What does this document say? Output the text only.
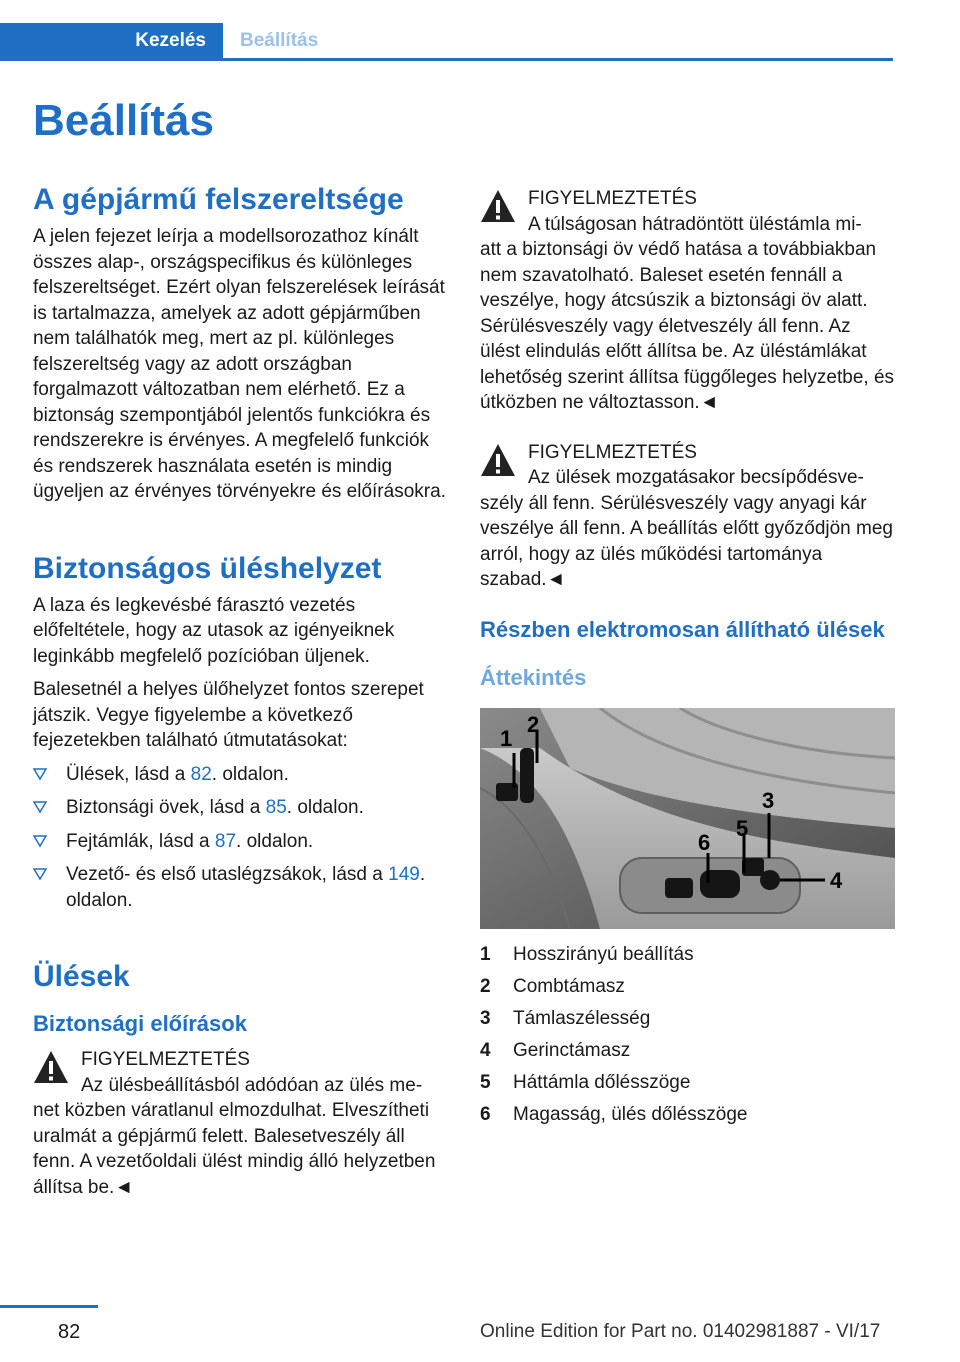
Kezelés	Beállítás
Beállítás
A gépjármű felszereltsége

A jelen fejezet leírja a modellsorozathoz kínált összes alap-, országspecifikus és különleges felszereltséget. Ezért olyan felszerelések leírását is tartalmazza, amelyek az adott gépjárműben nem találhatók meg, mert az pl. különleges felszereltség vagy az adott országban forgalmazott változatban nem elérhető. Ez a biztonság szempontjából jelentős funkciókra és rendszerekre is érvényes. A megfelelő funkciók és rendszerek használata esetén is mindig ügyeljen az érvényes törvényekre és előírásokra.

Biztonságos üléshelyzet

A laza és legkevésbé fárasztó vezetés előfeltétele, hogy az utasok az igényeiknek leginkább megfelelő pozícióban üljenek.

Balesetnél a helyes ülőhelyzet fontos szerepet játszik. Vegye figyelembe a következő fejezetekben található útmutatásokat:

Ülések, lásd a 82. oldalon.
Biztonsági övek, lásd a 85. oldalon.
Fejtámlák, lásd a 87. oldalon.
Vezető- és első utaslégzsákok, lásd a 149. oldalon.
Ülések
Biztonsági előírások
FIGYELMEZTETÉS
Az ülésbeállításból adódóan az ülés me-

net közben váratlanul elmozdulhat. Elveszítheti uralmát a gépjármű felett. Balesetveszély áll fenn. A vezetőoldali ülést mindig álló helyzetben állítsa be.◄

FIGYELMEZTETÉS
A túlságosan hátradöntött üléstámla mi-

att a biztonsági öv védő hatása a továbbiakban nem szavatolható. Baleset esetén fennáll a veszélye, hogy átcsúszik a biztonsági öv alatt. Sérülésveszély vagy életveszély áll fenn. Az ülést elindulás előtt állítsa be. Az üléstámlákat lehetőség szerint állítsa függőleges helyzetbe, és útközben ne változtasson.◄

FIGYELMEZTETÉS
Az ülések mozgatásakor becsípődésve-

szély áll fenn. Sérülésveszély vagy anyagi kár veszélye áll fenn. A beállítás előtt győződjön meg arról, hogy az ülés működési tartománya szabad.◄

Részben elektromosan állítható ülések
Áttekintés
1
2
3
4
5
6
1	Hosszirányú beállítás
2	Combtámasz
3	Támlaszélesség
4	Gerinctámasz
5	Háttámla dőlésszöge
6	Magasság, ülés dőlésszöge
82	Online Edition for Part no. 01402981887 - VI/17
